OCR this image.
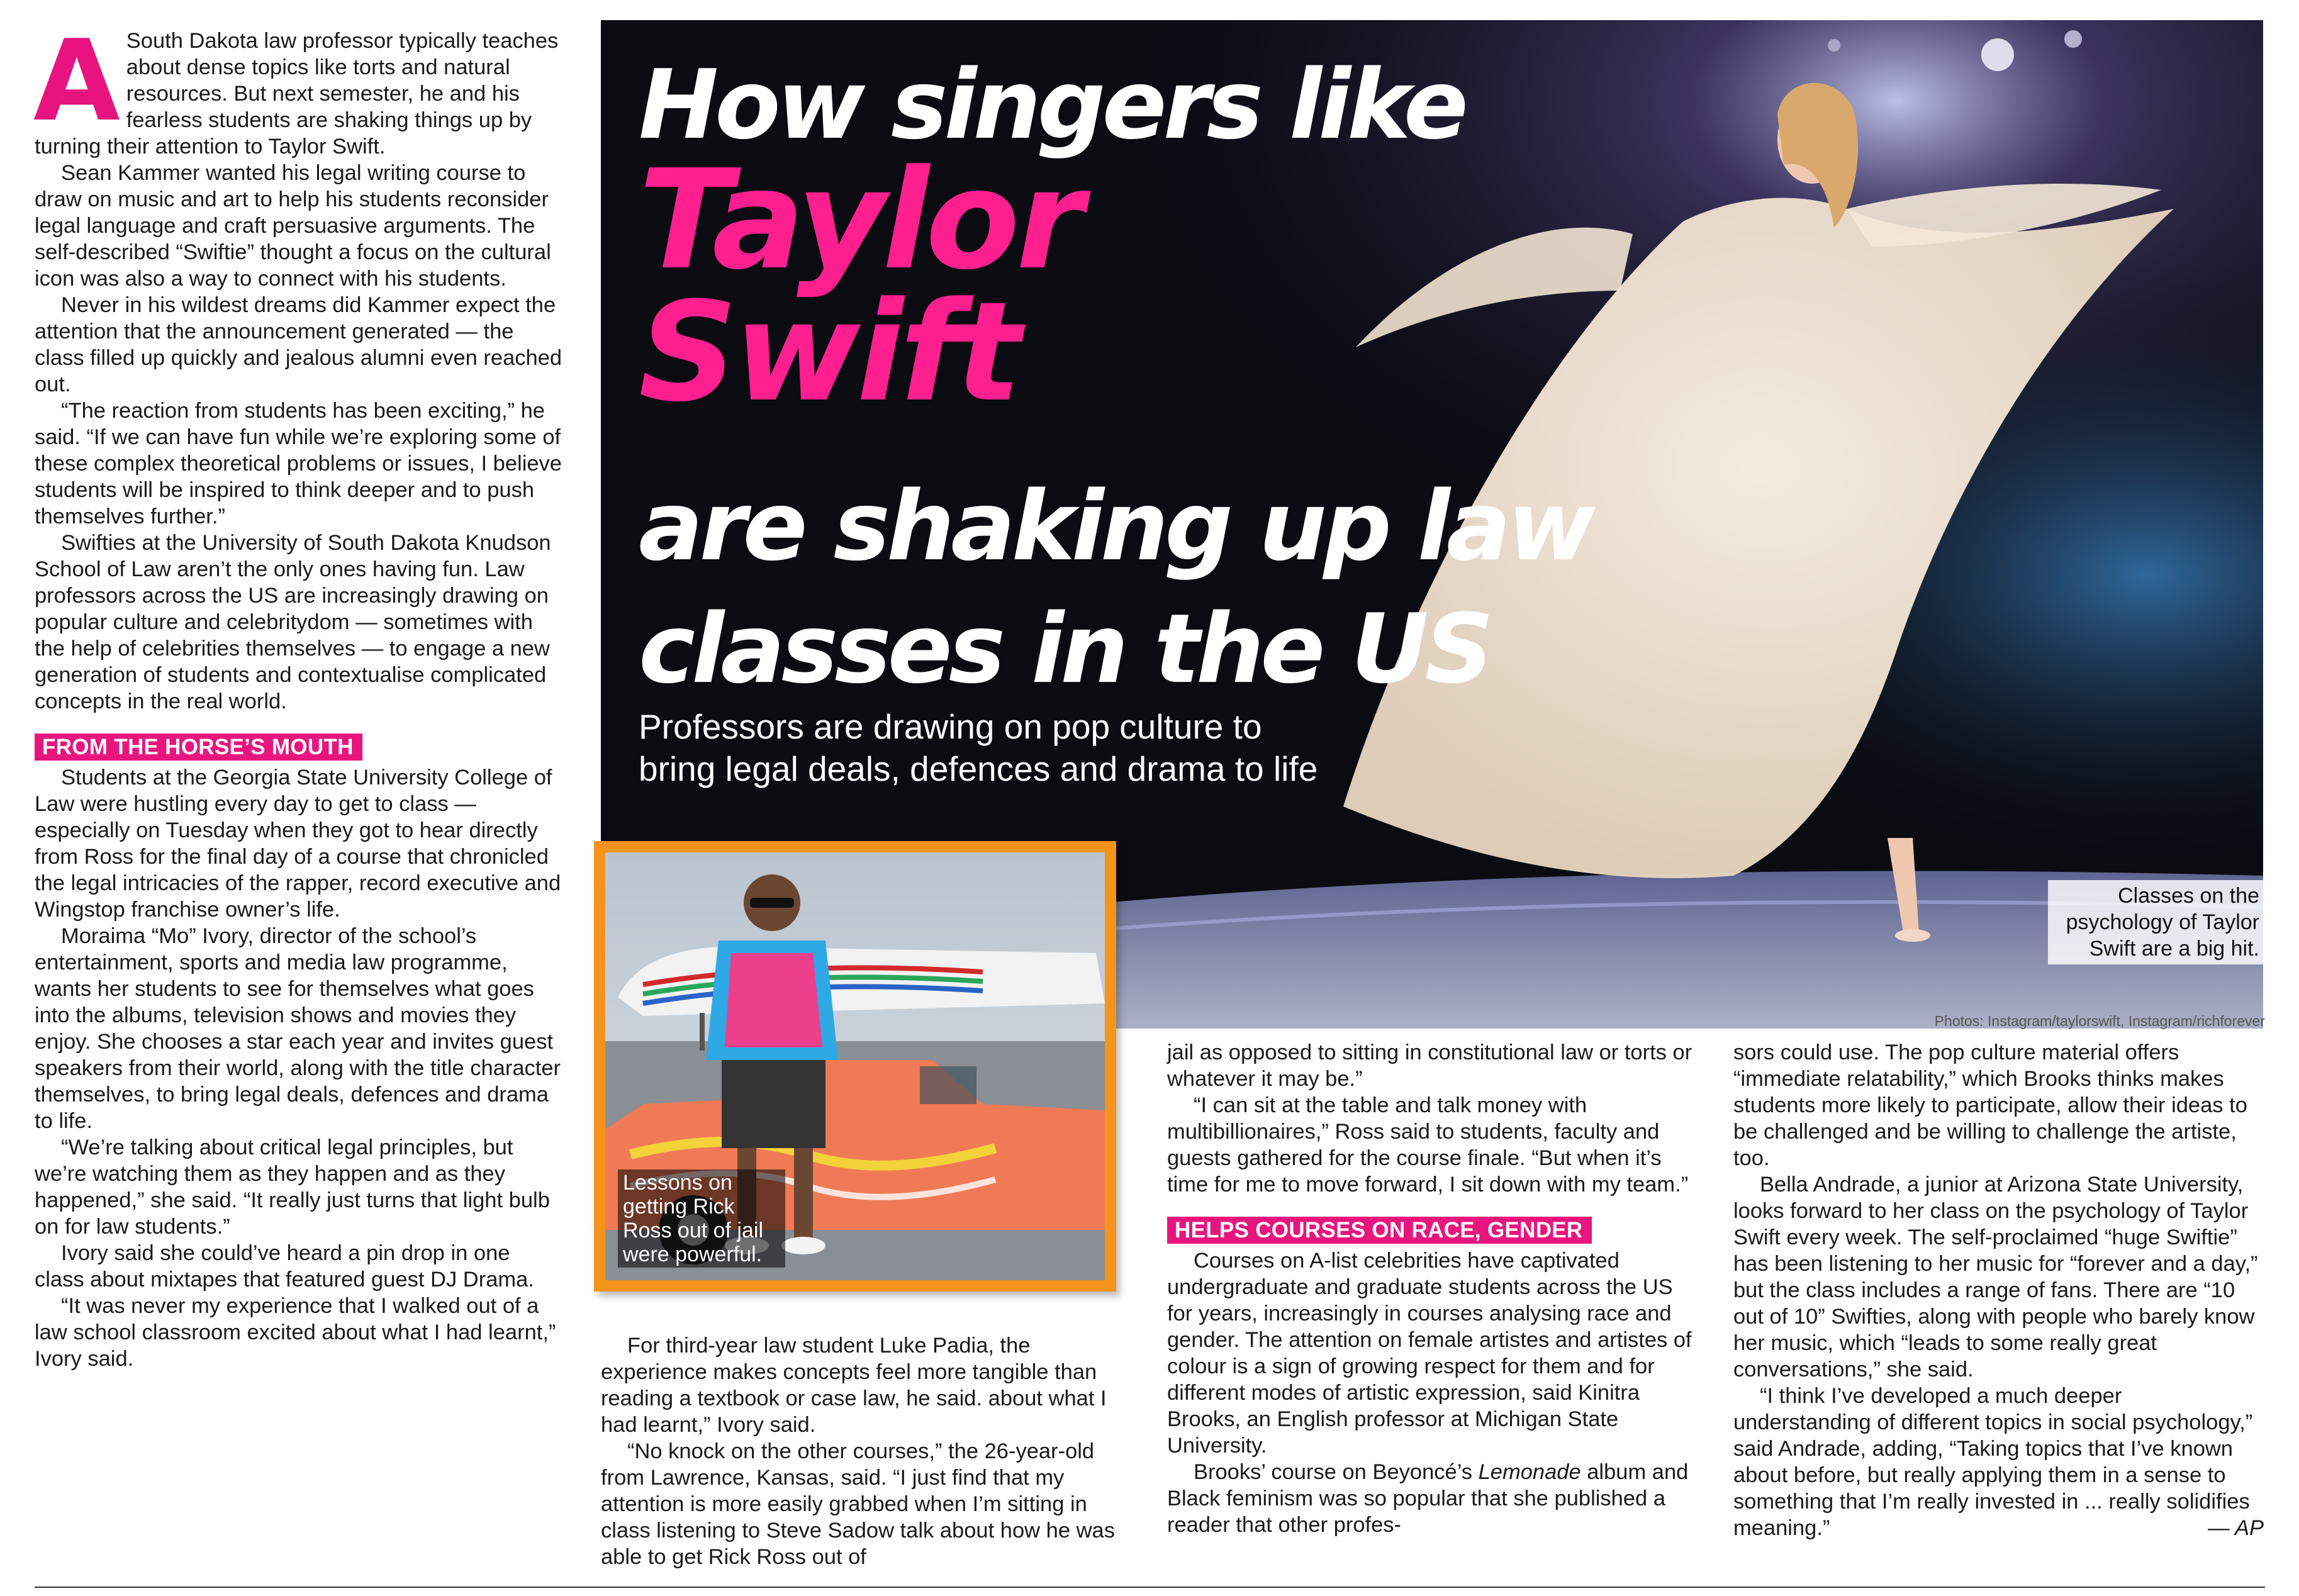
A South Dakota law professor typically teaches about dense topics like torts and natural resources. But next semester, he and his fearless students are shaking things up by turning their attention to Taylor Swift.

Sean Kammer wanted his legal writing course to draw on music and art to help his students reconsider legal language and craft persuasive arguments. The self-described “Swiftie” thought a focus on the cultural icon was also a way to connect with his students.

Never in his wildest dreams did Kammer expect the attention that the announcement generated — the class filled up quickly and jealous alumni even reached out.

“The reaction from students has been exciting,” he said. “If we can have fun while we’re exploring some of these complex theoretical problems or issues, I believe students will be inspired to think deeper and to push themselves further.”

Swifties at the University of South Dakota Knudson School of Law aren’t the only ones having fun. Law professors across the US are increasingly drawing on popular culture and celebritydom — sometimes with the help of celebrities themselves — to engage a new generation of students and contextualise complicated concepts in the real world.

FROM THE HORSE’S MOUTH

Students at the Georgia State University College of Law were hustling every day to get to class — especially on Tuesday when they got to hear directly from Ross for the final day of a course that chronicled the legal intricacies of the rapper, record executive and Wingstop franchise owner’s life.

Moraima “Mo” Ivory, director of the school’s entertainment, sports and media law programme, wants her students to see for themselves what goes into the albums, television shows and movies they enjoy. She chooses a star each year and invites guest speakers from their world, along with the title character themselves, to bring legal deals, defences and drama to life.

“We’re talking about critical legal principles, but we’re watching them as they happen and as they happened,” she said. “It really just turns that light bulb on for law students.”

Ivory said she could’ve heard a pin drop in one class about mixtapes that featured guest DJ Drama.

“It was never my experience that I walked out of a law school classroom excited about what I had learnt,” Ivory said.

How singers like
Taylor
Swift
are shaking up law
classes in the US

Professors are drawing on pop culture to bring legal deals, defences and drama to life

Classes on the psychology of Taylor Swift are a big hit.
Photos: Instagram/taylorswift, Instagram/richforever
Lessons on getting Rick Ross out of jail were powerful.

For third-year law student Luke Padia, the experience makes concepts feel more tangible than reading a textbook or case law, he said. about what I had learnt,” Ivory said.

“No knock on the other courses,” the 26-year-old from Lawrence, Kansas, said. “I just find that my attention is more easily grabbed when I’m sitting in class listening to Steve Sadow talk about how he was able to get Rick Ross out of

jail as opposed to sitting in constitutional law or torts or whatever it may be.”

“I can sit at the table and talk money with multibillionaires,” Ross said to students, faculty and guests gathered for the course finale. “But when it’s time for me to move forward, I sit down with my team.”

HELPS COURSES ON RACE, GENDER

Courses on A-list celebrities have captivated undergraduate and graduate students across the US for years, increasingly in courses analysing race and gender. The attention on female artistes and artistes of colour is a sign of growing respect for them and for different modes of artistic expression, said Kinitra Brooks, an English professor at Michigan State University.

Brooks’ course on Beyoncé’s Lemonade album and Black feminism was so popular that she published a reader that other profes-

sors could use. The pop culture material offers “immediate relatability,” which Brooks thinks makes students more likely to participate, allow their ideas to be challenged and be willing to challenge the artiste, too.

Bella Andrade, a junior at Arizona State University, looks forward to her class on the psychology of Taylor Swift every week. The self-proclaimed “huge Swiftie” has been listening to her music for “forever and a day,” but the class includes a range of fans. There are “10 out of 10” Swifties, along with people who barely know her music, which “leads to some really great conversations,” she said.

“I think I’ve developed a much deeper understanding of different topics in social psychology,” said Andrade, adding, “Taking topics that I’ve known about before, but really applying them in a sense to something that I’m really invested in ... really solidifies meaning.”	— AP
